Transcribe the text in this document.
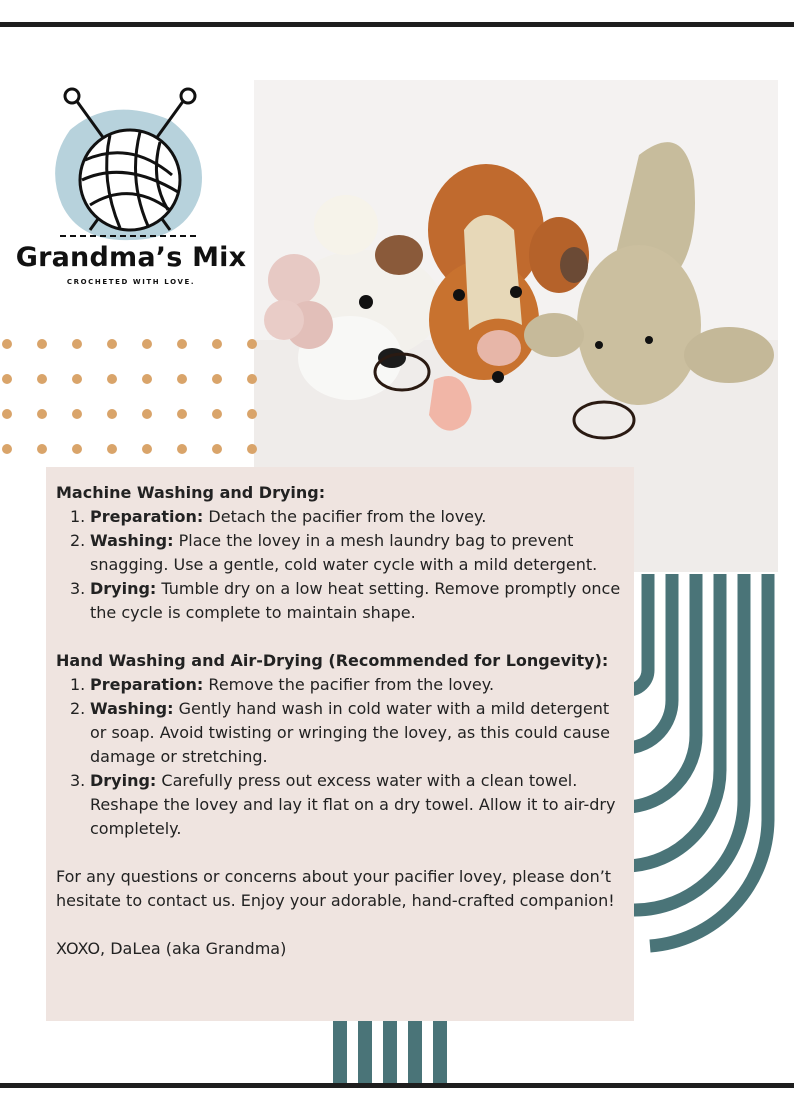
Grandma’s Mix
CROCHETED WITH LOVE.
Machine Washing and Drying:
1. Preparation: Detach the pacifier from the lovey.
2. Washing: Place the lovey in a mesh laundry bag to prevent snagging. Use a gentle, cold water cycle with a mild detergent.
3. Drying: Tumble dry on a low heat setting. Remove promptly once the cycle is complete to maintain shape.
Hand Washing and Air-Drying (Recommended for Longevity):
1. Preparation: Remove the pacifier from the lovey.
2. Washing: Gently hand wash in cold water with a mild detergent or soap. Avoid twisting or wringing the lovey, as this could cause damage or stretching.
3. Drying: Carefully press out excess water with a clean towel. Reshape the lovey and lay it flat on a dry towel. Allow it to air-dry completely.

For any questions or concerns about your pacifier lovey, please don’t hesitate to contact us. Enjoy your adorable, hand-crafted companion!

XOXO, DaLea (aka Grandma)
